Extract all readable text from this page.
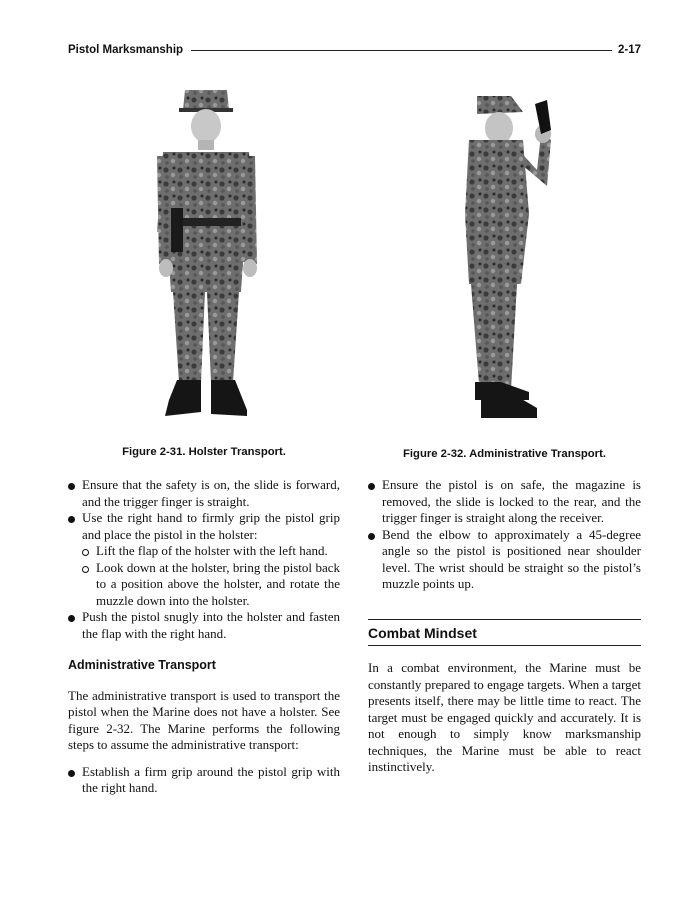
Pistol Marksmanship	2-17
Figure 2-31. Holster Transport.	Figure 2-32. Administrative Transport.
Ensure that the safety is on, the slide is forward, and the trigger finger is straight.
Use the right hand to firmly grip the pistol grip and place the pistol in the holster:
Lift the flap of the holster with the left hand.
Look down at the holster, bring the pistol back to a position above the holster, and rotate the muzzle down into the holster.
Push the pistol snugly into the holster and fasten the flap with the right hand.

Administrative Transport

The administrative transport is used to transport the pistol when the Marine does not have a holster. See figure 2-32. The Marine performs the following steps to assume the administrative transport:

Establish a firm grip around the pistol grip with the right hand.
Ensure the pistol is on safe, the magazine is removed, the slide is locked to the rear, and the trigger finger is straight along the receiver.
Bend the elbow to approximately a 45-degree angle so the pistol is positioned near shoulder level. The wrist should be straight so the pistol’s muzzle points up.
Combat Mindset

In a combat environment, the Marine must be constantly prepared to engage targets. When a target presents itself, there may be little time to react. The target must be engaged quickly and accurately. It is not enough to simply know marksmanship techniques, the Marine must be able to react instinctively.
